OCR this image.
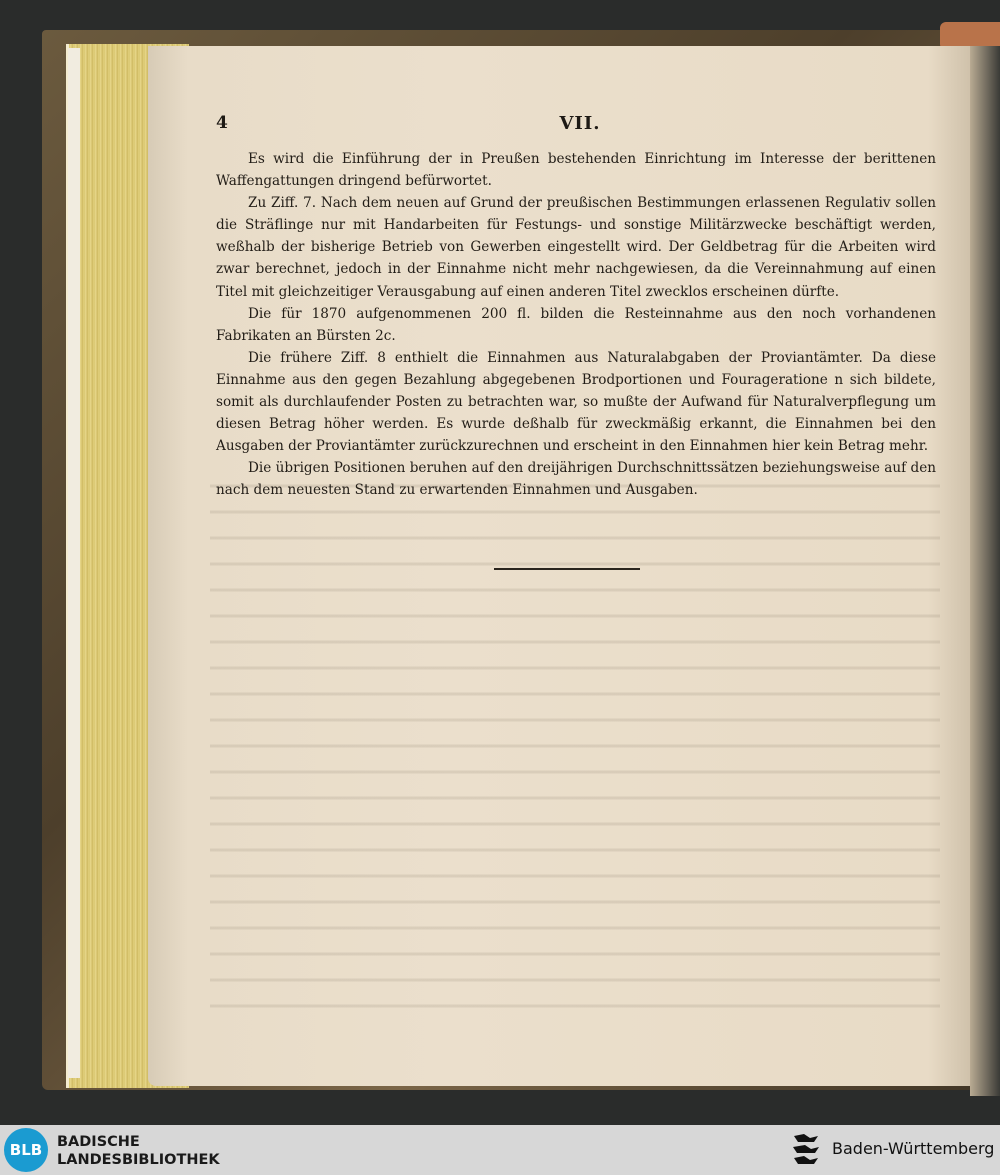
4	VII.

Es wird die Einführung der in Preußen bestehenden Einrichtung im Interesse der berittenen Waffengattungen dringend befürwortet.

Zu Ziff. 7. Nach dem neuen auf Grund der preußischen Bestimmungen erlassenen Regulativ sollen die Sträflinge nur mit Handarbeiten für Festungs- und sonstige Militärzwecke beschäftigt werden, weßhalb der bisherige Betrieb von Gewerben eingestellt wird. Der Geldbetrag für die Arbeiten wird zwar berechnet, jedoch in der Einnahme nicht mehr nachgewiesen, da die Vereinnahmung auf einen Titel mit gleichzeitiger Verausgabung auf einen anderen Titel zwecklos erscheinen dürfte.

Die für 1870 aufgenommenen 200 fl. bilden die Resteinnahme aus den noch vorhandenen Fabrikaten an Bürsten 2c.

Die frühere Ziff. 8 enthielt die Einnahmen aus Naturalabgaben der Proviantämter. Da diese Einnahme aus den gegen Bezahlung abgegebenen Brodportionen und Fourageratione n sich bildete, somit als durchlaufender Posten zu betrachten war, so mußte der Aufwand für Naturalverpflegung um diesen Betrag höher werden. Es wurde deßhalb für zweckmäßig erkannt, die Einnahmen bei den Ausgaben der Proviantämter zurückzurechnen und erscheint in den Einnahmen hier kein Betrag mehr.

Die übrigen Positionen beruhen auf den dreijährigen Durchschnittssätzen beziehungsweise auf den nach dem neuesten Stand zu erwartenden Einnahmen und Ausgaben.

BLB	BADISCHE
LANDESBIBLIOTHEK
Baden-Württemberg
